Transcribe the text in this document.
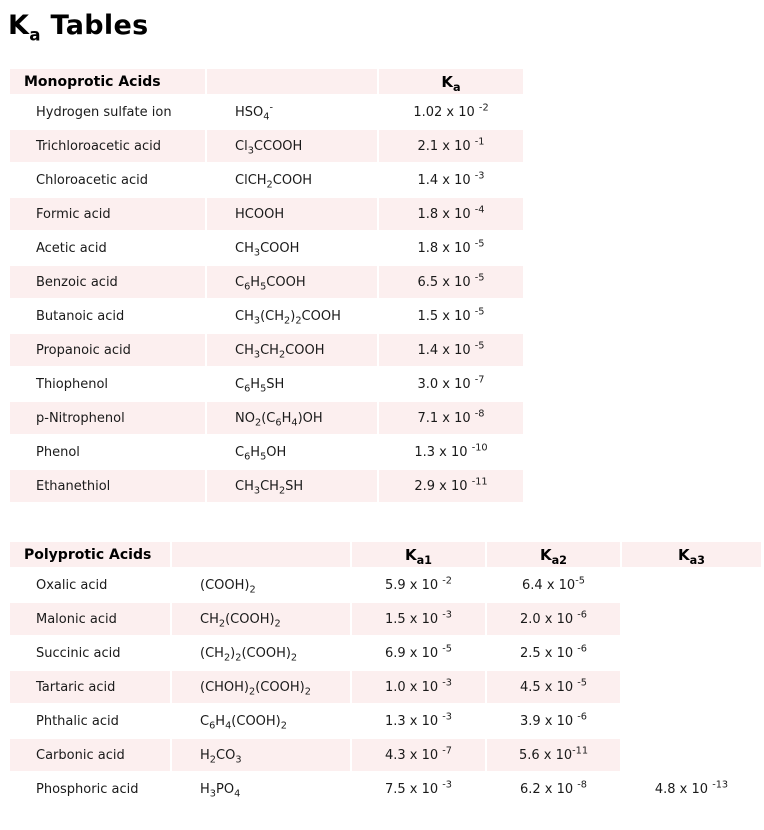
$K_a$ Tables
Monoprotic Acids		$K_a$
Hydrogen sulfate ion	$HSO_4^-$	1.02 x 10 $^{-2}$
Trichloroacetic acid	$Cl_3CCOOH$	2.1 x 10 $^{-1}$
Chloroacetic acid	ClCH$_2$COOH	1.4 x 10 $^{-3}$
Formic acid	HCOOH	1.8 x 10 $^{-4}$
Acetic acid	$CH_3COOH$	1.8 x 10 $^{-5}$
Benzoic acid	$C_6H_5COOH$	6.5 x 10 $^{-5}$
Butanoic acid	$CH_3(CH_2)_2COOH$	1.5 x 10 $^{-5}$
Propanoic acid	$CH_3CH_2COOH$	1.4 x 10 $^{-5}$
Thiophenol	$C_6H_5SH$	3.0 x 10 $^{-7}$
p-Nitrophenol	$NO_2(C_6H_4)OH$	7.1 x 10 $^{-8}$
Phenol	$C_6H_5OH$	1.3 x 10 $^{-10}$
Ethanethiol	$CH_3CH_2SH$	2.9 x 10 $^{-11}$
Polyprotic Acids		$K_{a1}$	$K_{a2}$	$K_{a3}$
Oxalic acid	$(COOH)_2$	5.9 x 10 $^{-2}$	6.4 x $10^{-5}$	
Malonic acid	$CH_2(COOH)_2$	1.5 x 10 $^{-3}$	2.0 x 10 $^{-6}$	
Succinic acid	$(CH_2)_2(COOH)_2$	6.9 x 10 $^{-5}$	2.5 x 10 $^{-6}$	
Tartaric acid	$(CHOH)_2(COOH)_2$	1.0 x 10 $^{-3}$	4.5 x 10 $^{-5}$	
Phthalic acid	$C_6H_4(COOH)_2$	1.3 x 10 $^{-3}$	3.9 x 10 $^{-6}$	
Carbonic acid	$H_2CO_3$	4.3 x 10 $^{-7}$	5.6 x $10^{-11}$	
Phosphoric acid	$H_3PO_4$	7.5 x 10 $^{-3}$	6.2 x 10 $^{-8}$	4.8 x 10 $^{-13}$
